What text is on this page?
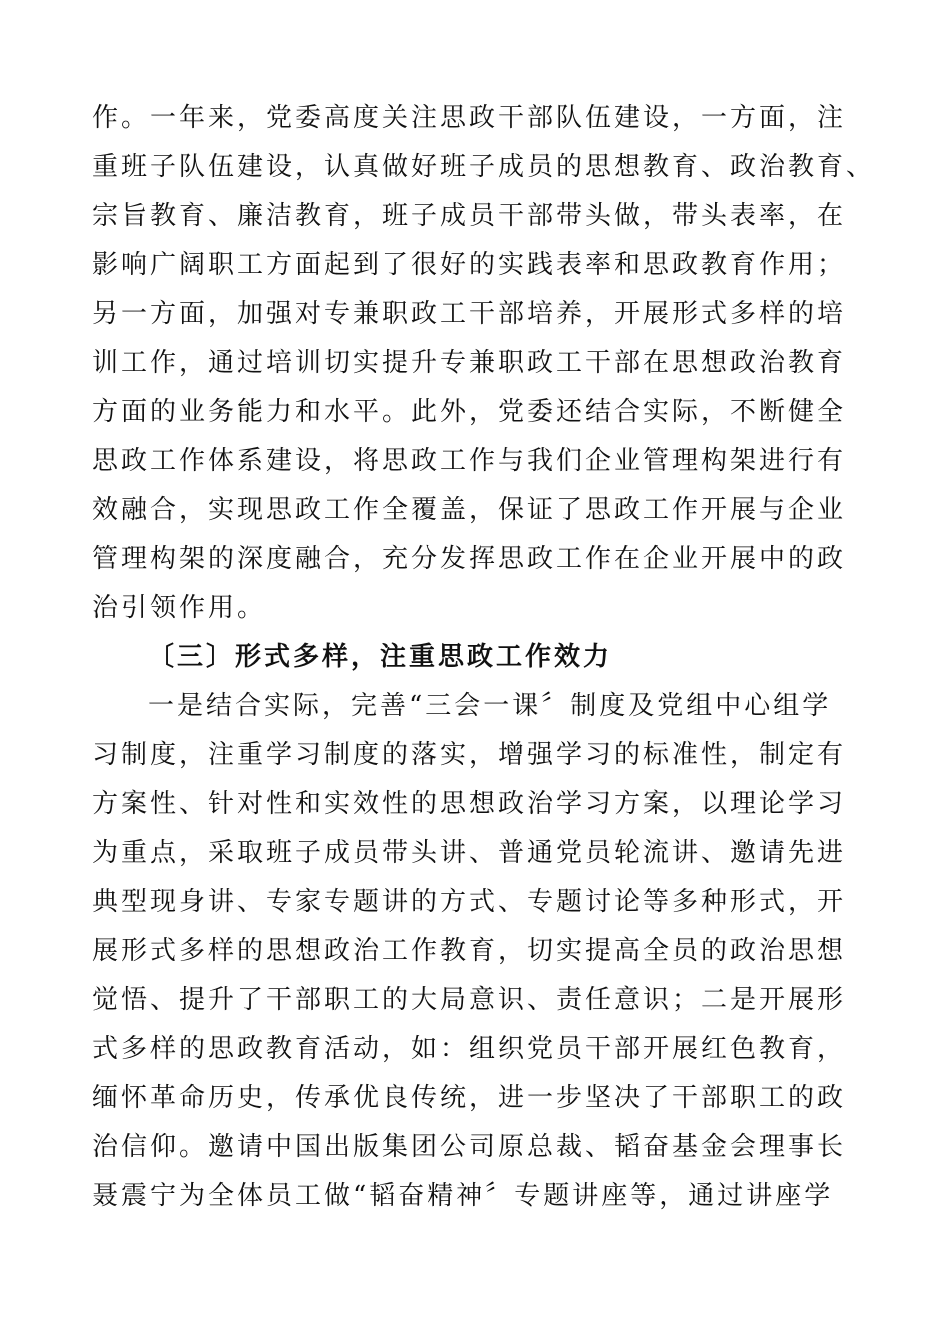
作。一年来，党委高度关注思政干部队伍建设，一方面，注
重班子队伍建设，认真做好班子成员的思想教育、政治教育、
宗旨教育、廉洁教育，班子成员干部带头做，带头表率，在
影响广阔职工方面起到了很好的实践表率和思政教育作用；
另一方面，加强对专兼职政工干部培养，开展形式多样的培
训工作，通过培训切实提升专兼职政工干部在思想政治教育
方面的业务能力和水平。此外，党委还结合实际，不断健全
思政工作体系建设，将思政工作与我们企业管理构架进行有
效融合，实现思政工作全覆盖，保证了思政工作开展与企业
管理构架的深度融合，充分发挥思政工作在企业开展中的政
治引领作用。
〔三〕形式多样，注重思政工作效力
一是结合实际，完善“三会一课〞制度及党组中心组学
习制度，注重学习制度的落实，增强学习的标准性，制定有
方案性、针对性和实效性的思想政治学习方案，以理论学习
为重点，采取班子成员带头讲、普通党员轮流讲、邀请先进
典型现身讲、专家专题讲的方式、专题讨论等多种形式，开
展形式多样的思想政治工作教育，切实提高全员的政治思想
觉悟、提升了干部职工的大局意识、责任意识；二是开展形
式多样的思政教育活动，如：组织党员干部开展红色教育，
缅怀革命历史，传承优良传统，进一步坚决了干部职工的政
治信仰。邀请中国出版集团公司原总裁、韬奋基金会理事长
聂震宁为全体员工做“韬奋精神〞专题讲座等，通过讲座学
